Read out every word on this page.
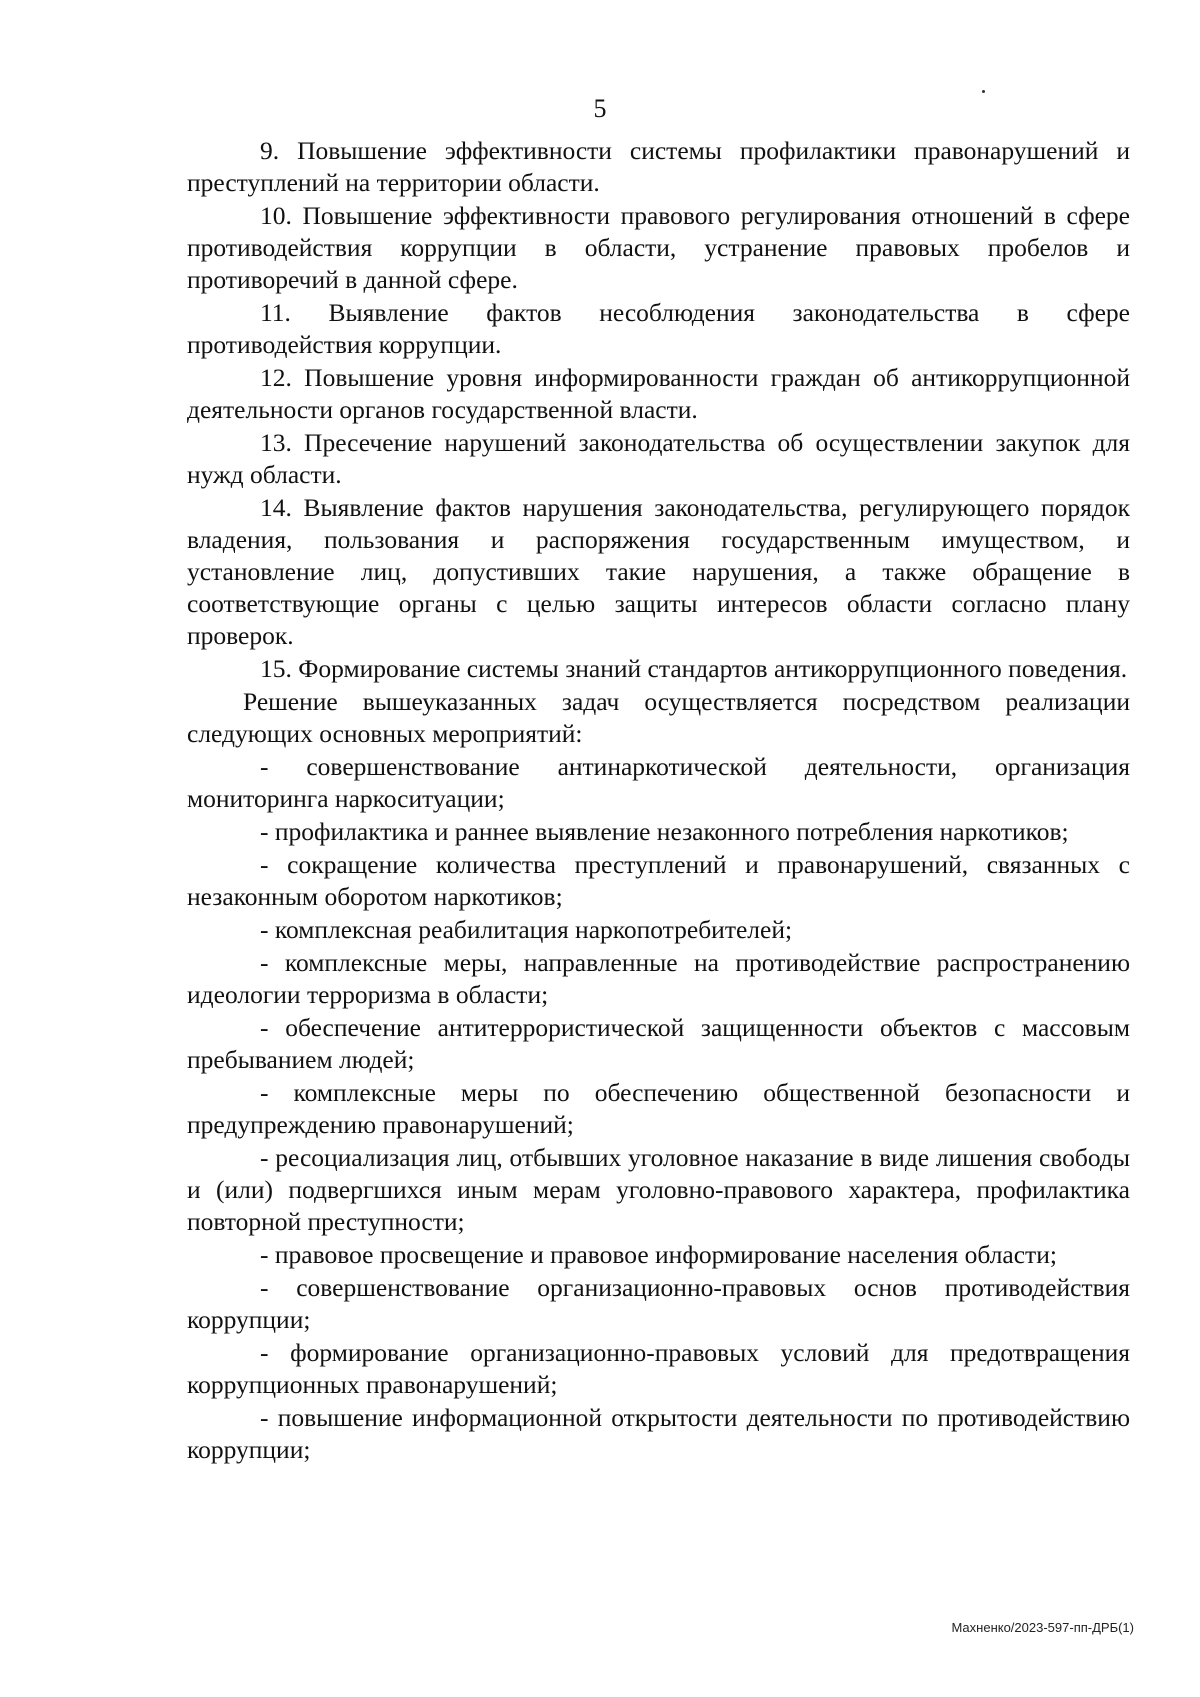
5

9. Повышение эффективности системы профилактики правонарушений и преступлений на территории области.

10. Повышение эффективности правового регулирования отношений в сфере противодействия коррупции в области, устранение правовых пробелов и противоречий в данной сфере.

11. Выявление фактов несоблюдения законодательства в сфере противодействия коррупции.

12. Повышение уровня информированности граждан об антикоррупционной деятельности органов государственной власти.

13. Пресечение нарушений законодательства об осуществлении закупок для нужд области.

14. Выявление фактов нарушения законодательства, регулирующего порядок владения, пользования и распоряжения государственным имуществом, и установление лиц, допустивших такие нарушения, а также обращение в соответствующие органы с целью защиты интересов области согласно плану проверок.

15. Формирование системы знаний стандартов антикоррупционного поведения.

Решение вышеуказанных задач осуществляется посредством реализации следующих основных мероприятий:

- совершенствование антинаркотической деятельности, организация мониторинга наркоситуации;

- профилактика и раннее выявление незаконного потребления наркотиков;

- сокращение количества преступлений и правонарушений, связанных с незаконным оборотом наркотиков;

- комплексная реабилитация наркопотребителей;

- комплексные меры, направленные на противодействие распространению идеологии терроризма в области;

- обеспечение антитеррористической защищенности объектов с массовым пребыванием людей;

- комплексные меры по обеспечению общественной безопасности и предупреждению правонарушений;

- ресоциализация лиц, отбывших уголовное наказание в виде лишения свободы и (или) подвергшихся иным мерам уголовно-правового характера, профилактика повторной преступности;

- правовое просвещение и правовое информирование населения области;

- совершенствование организационно-правовых основ противодействия коррупции;

- формирование организационно-правовых условий для предотвращения коррупционных правонарушений;

- повышение информационной открытости деятельности по противодействию коррупции;

Махненко/2023-597-пп-ДРБ(1)
